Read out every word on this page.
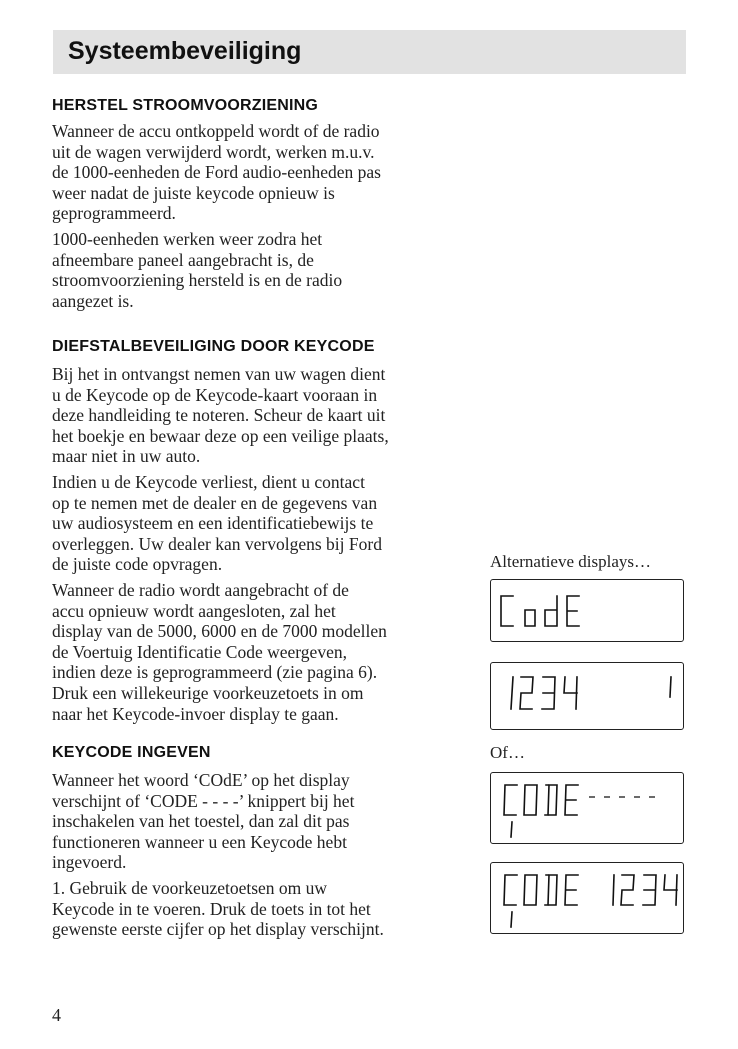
Systeembeveiliging
HERSTEL STROOMVOORZIENING

Wanneer de accu ontkoppeld wordt of de radio
uit de wagen verwijderd wordt, werken m.u.v.
de 1000-eenheden de Ford audio-eenheden pas
weer nadat de juiste keycode opnieuw is
geprogrammeerd.

1000-eenheden werken weer zodra het
afneembare paneel aangebracht is, de
stroomvoorziening hersteld is en de radio
aangezet is.

DIEFSTALBEVEILIGING DOOR KEYCODE

Bij het in ontvangst nemen van uw wagen dient
u de Keycode op de Keycode-kaart vooraan in
deze handleiding te noteren. Scheur de kaart uit
het boekje en bewaar deze op een veilige plaats,
maar niet in uw auto.

Indien u de Keycode verliest, dient u contact
op te nemen met de dealer en de gegevens van
uw audiosysteem en een identificatiebewijs te
overleggen. Uw dealer kan vervolgens bij Ford
de juiste code opvragen.

Wanneer de radio wordt aangebracht of de
accu opnieuw wordt aangesloten, zal het
display van de 5000, 6000 en de 7000 modellen
de Voertuig Identificatie Code weergeven,
indien deze is geprogrammeerd (zie pagina 6).
Druk een willekeurige voorkeuzetoets in om
naar het Keycode-invoer display te gaan.

KEYCODE INGEVEN

Wanneer het woord ‘COdE’ op het display
verschijnt of ‘CODE - - - -’ knippert bij het
inschakelen van het toestel, dan zal dit pas
functioneren wanneer u een Keycode hebt
ingevoerd.

1. Gebruik de voorkeuzetoetsen om uw
Keycode in te voeren. Druk de toets in tot het
gewenste eerste cijfer op het display verschijnt.

Alternatieve displays…
Of…
4
